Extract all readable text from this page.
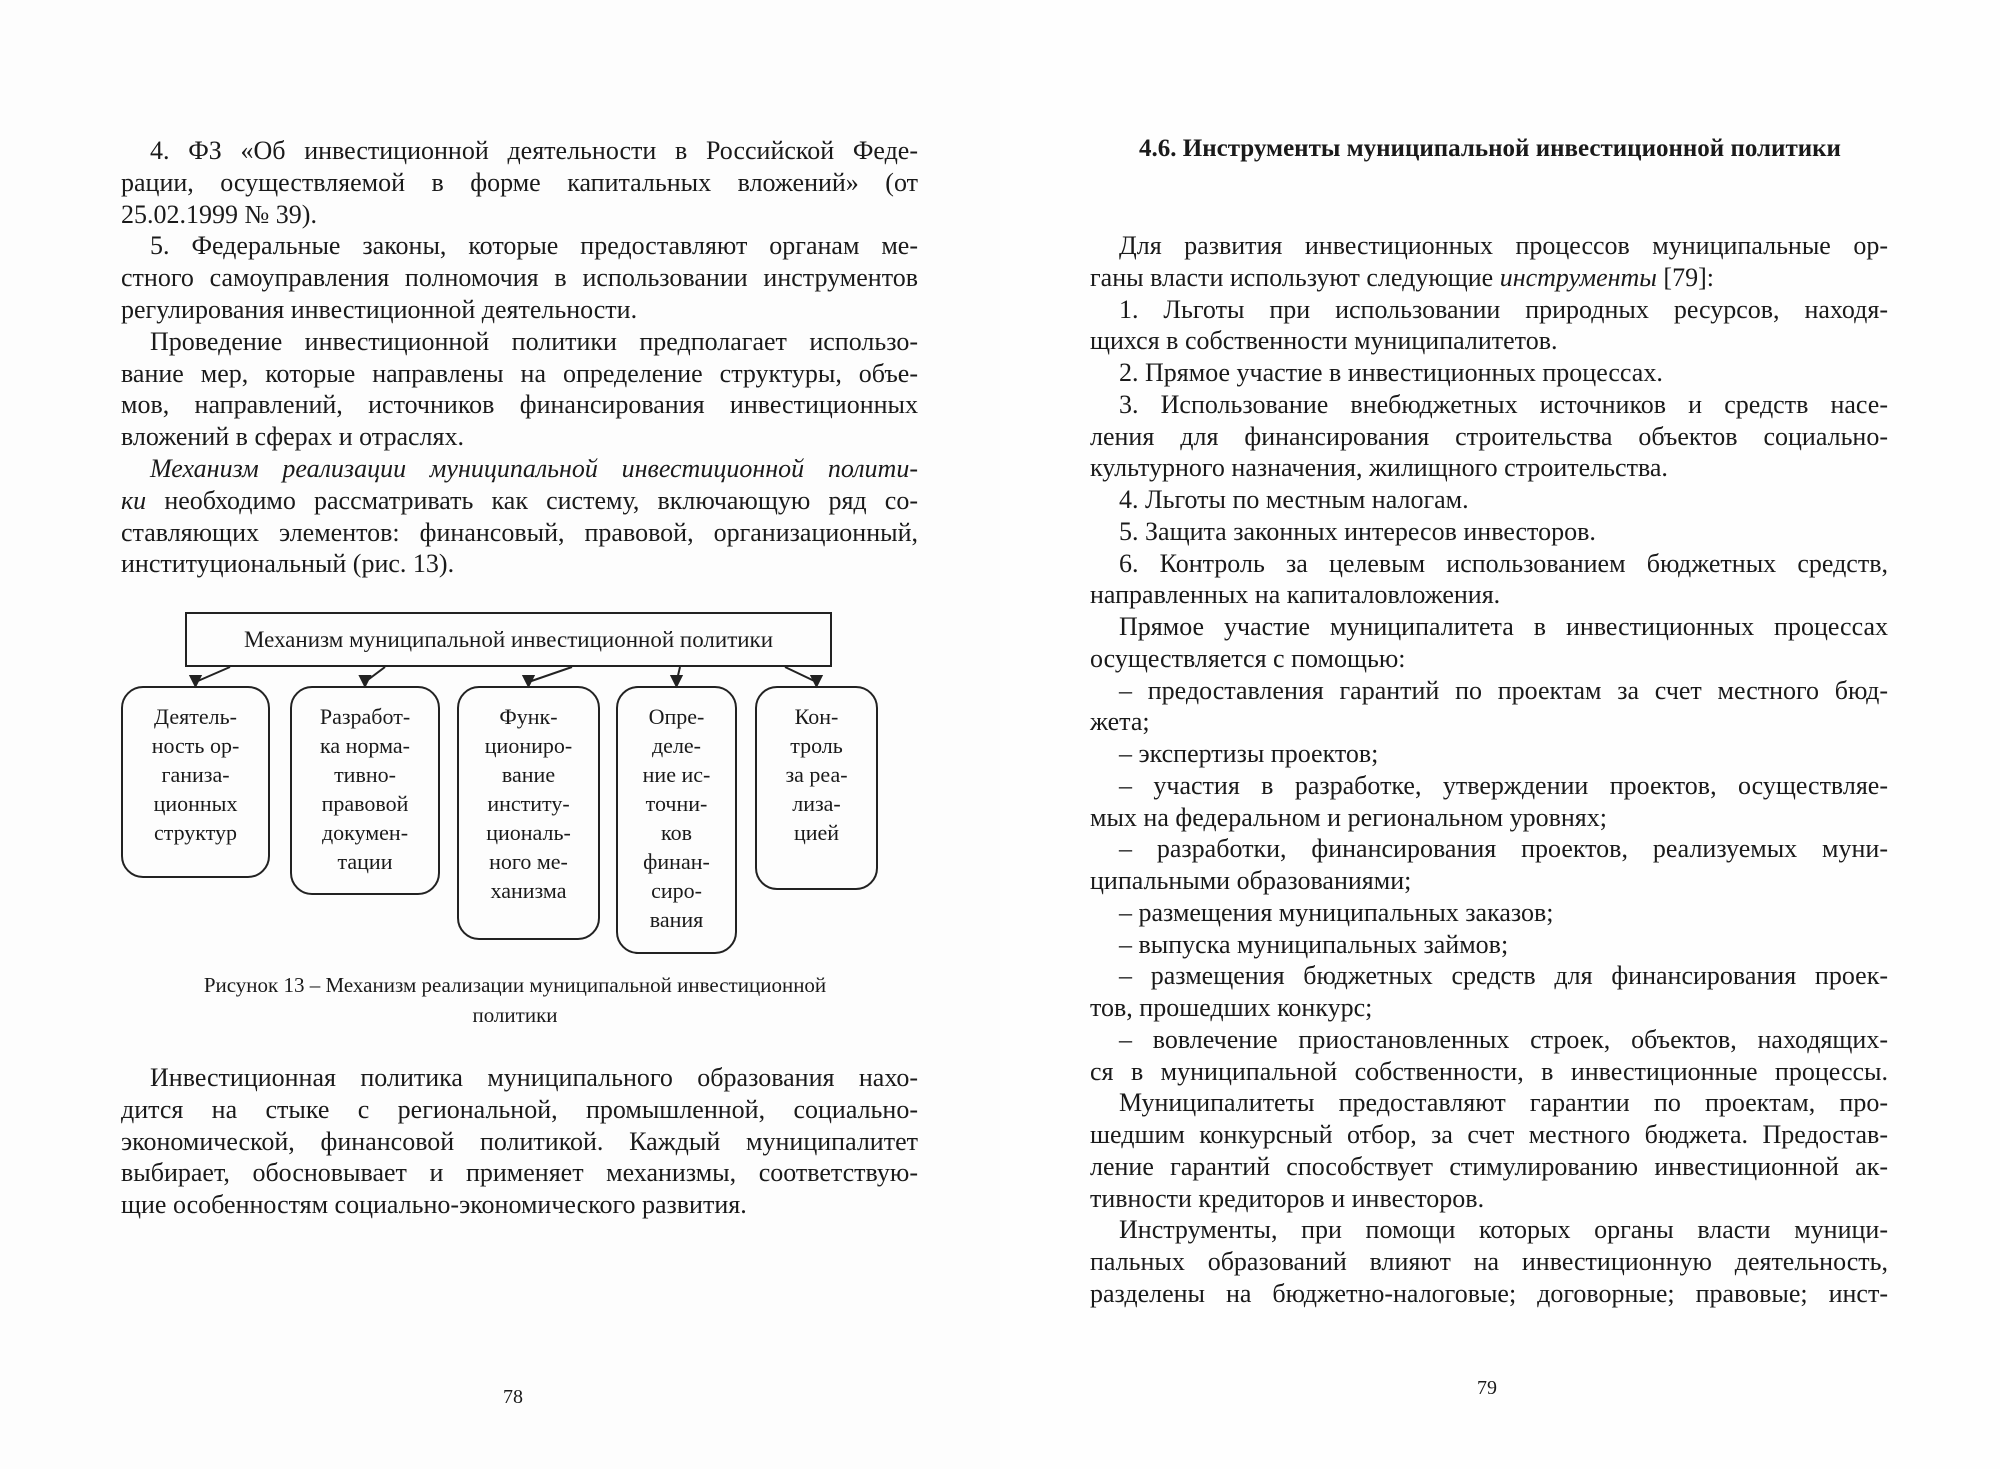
4. ФЗ «Об инвестиционной деятельности в Российской Феде-
рации, осуществляемой в форме капитальных вложений» (от
25.02.1999 № 39).
5. Федеральные законы, которые предоставляют органам ме-
стного самоуправления полномочия в использовании инструментов
регулирования инвестиционной деятельности.
Проведение инвестиционной политики предполагает использо-
вание мер, которые направлены на определение структуры, объе-
мов, направлений, источников финансирования инвестиционных
вложений в сферах и отраслях.
Механизм реализации муниципальной инвестиционной полити-
ки необходимо рассматривать как систему, включающую ряд со-
ставляющих элементов: финансовый, правовой, организационный,
институциональный (рис. 13).
Механизм муниципальной инвестиционной политики
Деятель-
ность ор-
ганиза-
ционных
структур
Разработ-
ка норма-
тивно-
правовой
докумен-
тации
Функ-
циониро-
вание
институ-
циональ-
ного ме-
ханизма
Опре-
деле-
ние ис-
точни-
ков
финан-
сиро-
вания
Кон-
троль
за реа-
лиза-
цией
Рисунок 13 – Механизм реализации муниципальной инвестиционной
политики
Инвестиционная политика муниципального образования нахо-
дится на стыке с региональной, промышленной, социально-
экономической, финансовой политикой. Каждый муниципалитет
выбирает, обосновывает и применяет механизмы, соответствую-
щие особенностям социально-экономического развития.
78
4.6. Инструменты муниципальной инвестиционной политики
Для развития инвестиционных процессов муниципальные ор-
ганы власти используют следующие инструменты [79]:
1. Льготы при использовании природных ресурсов, находя-
щихся в собственности муниципалитетов.
2. Прямое участие в инвестиционных процессах.
3. Использование внебюджетных источников и средств насе-
ления для финансирования строительства объектов социально-
культурного назначения, жилищного строительства.
4. Льготы по местным налогам.
5. Защита законных интересов инвесторов.
6. Контроль за целевым использованием бюджетных средств,
направленных на капиталовложения.
Прямое участие муниципалитета в инвестиционных процессах
осуществляется с помощью:
– предоставления гарантий по проектам за счет местного бюд-
жета;
– экспертизы проектов;
– участия в разработке, утверждении проектов, осуществляе-
мых на федеральном и региональном уровнях;
– разработки, финансирования проектов, реализуемых муни-
ципальными образованиями;
– размещения муниципальных заказов;
– выпуска муниципальных займов;
– размещения бюджетных средств для финансирования проек-
тов, прошедших конкурс;
– вовлечение приостановленных строек, объектов, находящих-
ся в муниципальной собственности, в инвестиционные процессы.
Муниципалитеты предоставляют гарантии по проектам, про-
шедшим конкурсный отбор, за счет местного бюджета. Предостав-
ление гарантий способствует стимулированию инвестиционной ак-
тивности кредиторов и инвесторов.
Инструменты, при помощи которых органы власти муници-
пальных образований влияют на инвестиционную деятельность,
разделены на бюджетно-налоговые; договорные; правовые; инст-
79
